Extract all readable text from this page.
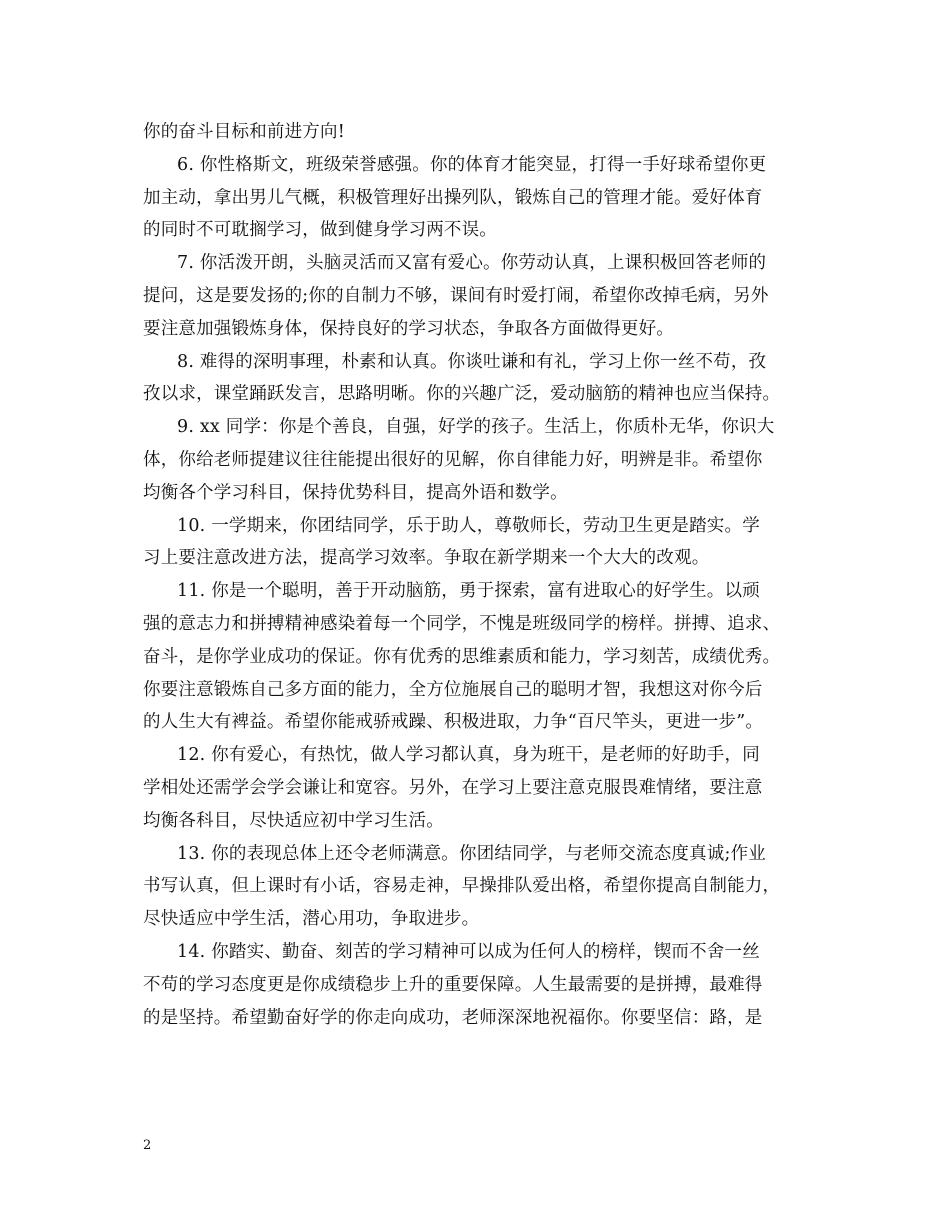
你的奋斗目标和前进方向!
6. 你性格斯文，班级荣誉感强。你的体育才能突显，打得一手好球希望你更
加主动，拿出男儿气概，积极管理好出操列队，锻炼自己的管理才能。爱好体育
的同时不可耽搁学习，做到健身学习两不误。
7. 你活泼开朗，头脑灵活而又富有爱心。你劳动认真，上课积极回答老师的
提问，这是要发扬的;你的自制力不够，课间有时爱打闹，希望你改掉毛病，另外
要注意加强锻炼身体，保持良好的学习状态，争取各方面做得更好。
8. 难得的深明事理，朴素和认真。你谈吐谦和有礼，学习上你一丝不苟，孜
孜以求，课堂踊跃发言，思路明晰。你的兴趣广泛，爱动脑筋的精神也应当保持。
9. xx 同学：你是个善良，自强，好学的孩子。生活上，你质朴无华，你识大
体，你给老师提建议往往能提出很好的见解，你自律能力好，明辨是非。希望你
均衡各个学习科目，保持优势科目，提高外语和数学。
10. 一学期来，你团结同学，乐于助人，尊敬师长，劳动卫生更是踏实。学
习上要注意改进方法，提高学习效率。争取在新学期来一个大大的改观。
11. 你是一个聪明，善于开动脑筋，勇于探索，富有进取心的好学生。以顽
强的意志力和拼搏精神感染着每一个同学，不愧是班级同学的榜样。拼搏、追求、
奋斗，是你学业成功的保证。你有优秀的思维素质和能力，学习刻苦，成绩优秀。
你要注意锻炼自己多方面的能力，全方位施展自己的聪明才智，我想这对你今后
的人生大有裨益。希望你能戒骄戒躁、积极进取，力争“百尺竿头，更进一步”。
12. 你有爱心，有热忱，做人学习都认真，身为班干，是老师的好助手，同
学相处还需学会学会谦让和宽容。另外，在学习上要注意克服畏难情绪，要注意
均衡各科目，尽快适应初中学习生活。
13. 你的表现总体上还令老师满意。你团结同学，与老师交流态度真诚;作业
书写认真，但上课时有小话，容易走神，早操排队爱出格，希望你提高自制能力，
尽快适应中学生活，潜心用功，争取进步。
14. 你踏实、勤奋、刻苦的学习精神可以成为任何人的榜样，锲而不舍一丝
不苟的学习态度更是你成绩稳步上升的重要保障。人生最需要的是拼搏，最难得
的是坚持。希望勤奋好学的你走向成功，老师深深地祝福你。你要坚信：路，是
2
